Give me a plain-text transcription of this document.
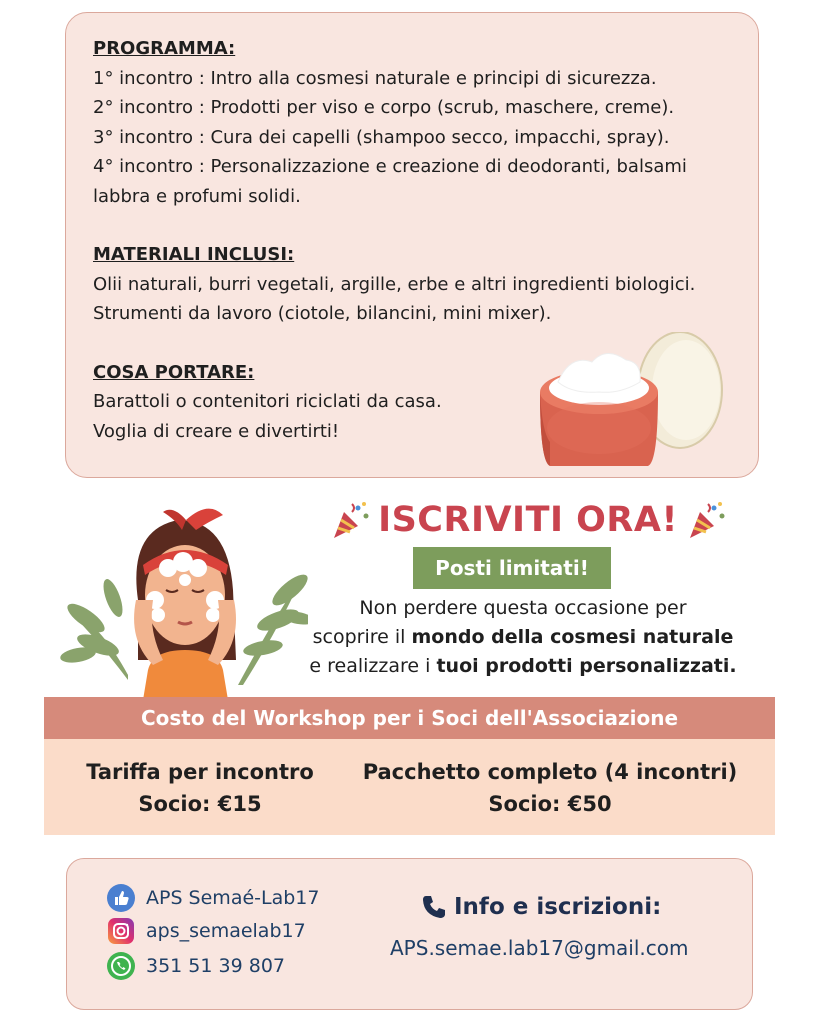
PROGRAMMA:
1° incontro : Intro alla cosmesi naturale e principi di sicurezza.
2° incontro : Prodotti per viso e corpo (scrub, maschere, creme).
3° incontro : Cura dei capelli (shampoo secco, impacchi, spray).
4° incontro : Personalizzazione e creazione di deodoranti, balsami
labbra e profumi solidi.
MATERIALI INCLUSI:
Olii naturali, burri vegetali, argille, erbe e altri ingredienti biologici.
Strumenti da lavoro (ciotole, bilancini, mini mixer).
COSA PORTARE:
Barattoli o contenitori riciclati da casa.
Voglia di creare e divertirti!
ISCRIVITI ORA!
Posti limitati!
Non perdere questa occasione per
scoprire il mondo della cosmesi naturale
e realizzare i tuoi prodotti personalizzati.
Costo del Workshop per i Soci dell'Associazione
Tariffa per incontro
Socio: €15
Pacchetto completo (4 incontri)
Socio: €50
APS Semaé-Lab17
aps_semaelab17
351 51 39 807
Info e iscrizioni:
APS.semae.lab17@gmail.com
